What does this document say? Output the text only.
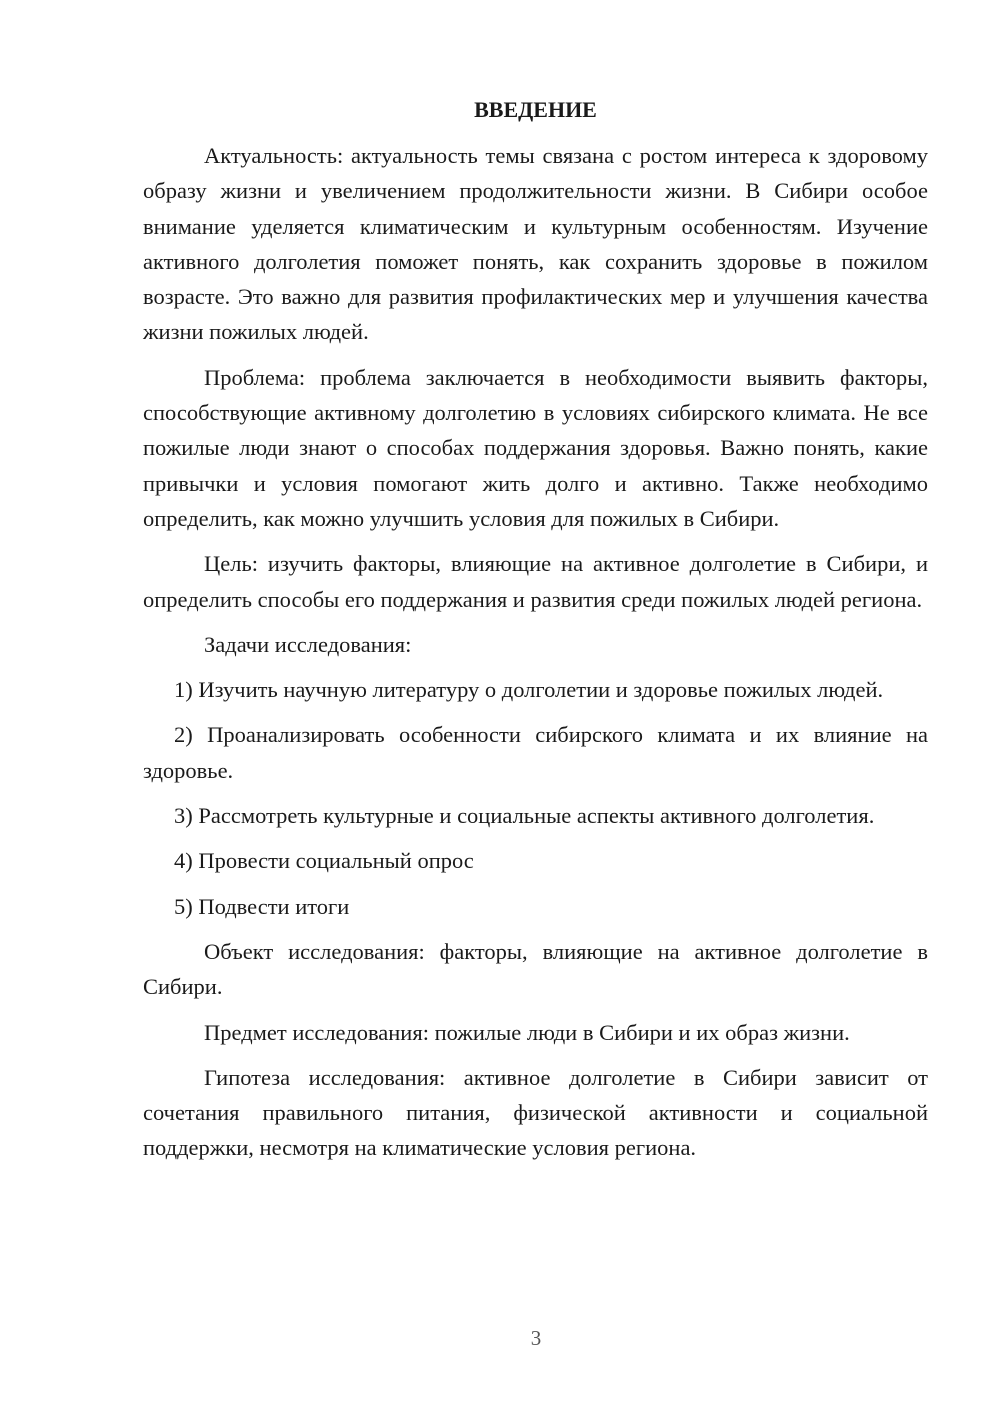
ВВЕДЕНИЕ

Актуальность: актуальность темы связана с ростом интереса к здоровому образу жизни и увеличением продолжительности жизни. В Сибири особое внимание уделяется климатическим и культурным особенностям. Изучение активного долголетия поможет понять, как сохранить здоровье в пожилом возрасте. Это важно для развития профилактических мер и улучшения качества жизни пожилых людей.

Проблема: проблема заключается в необходимости выявить факторы, способствующие активному долголетию в условиях сибирского климата. Не все пожилые люди знают о способах поддержания здоровья. Важно понять, какие привычки и условия помогают жить долго и активно. Также необходимо определить, как можно улучшить условия для пожилых в Сибири.

Цель: изучить факторы, влияющие на активное долголетие в Сибири, и определить способы его поддержания и развития среди пожилых людей региона.

Задачи исследования:

1) Изучить научную литературу о долголетии и здоровье пожилых людей.

2) Проанализировать особенности сибирского климата и их влияние на здоровье.

3) Рассмотреть культурные и социальные аспекты активного долголетия.

4) Провести социальный опрос

5) Подвести итоги

Объект исследования: факторы, влияющие на активное долголетие в Сибири.

Предмет исследования: пожилые люди в Сибири и их образ жизни.

Гипотеза исследования: активное долголетие в Сибири зависит от сочетания правильного питания, физической активности и социальной поддержки, несмотря на климатические условия региона.

3
